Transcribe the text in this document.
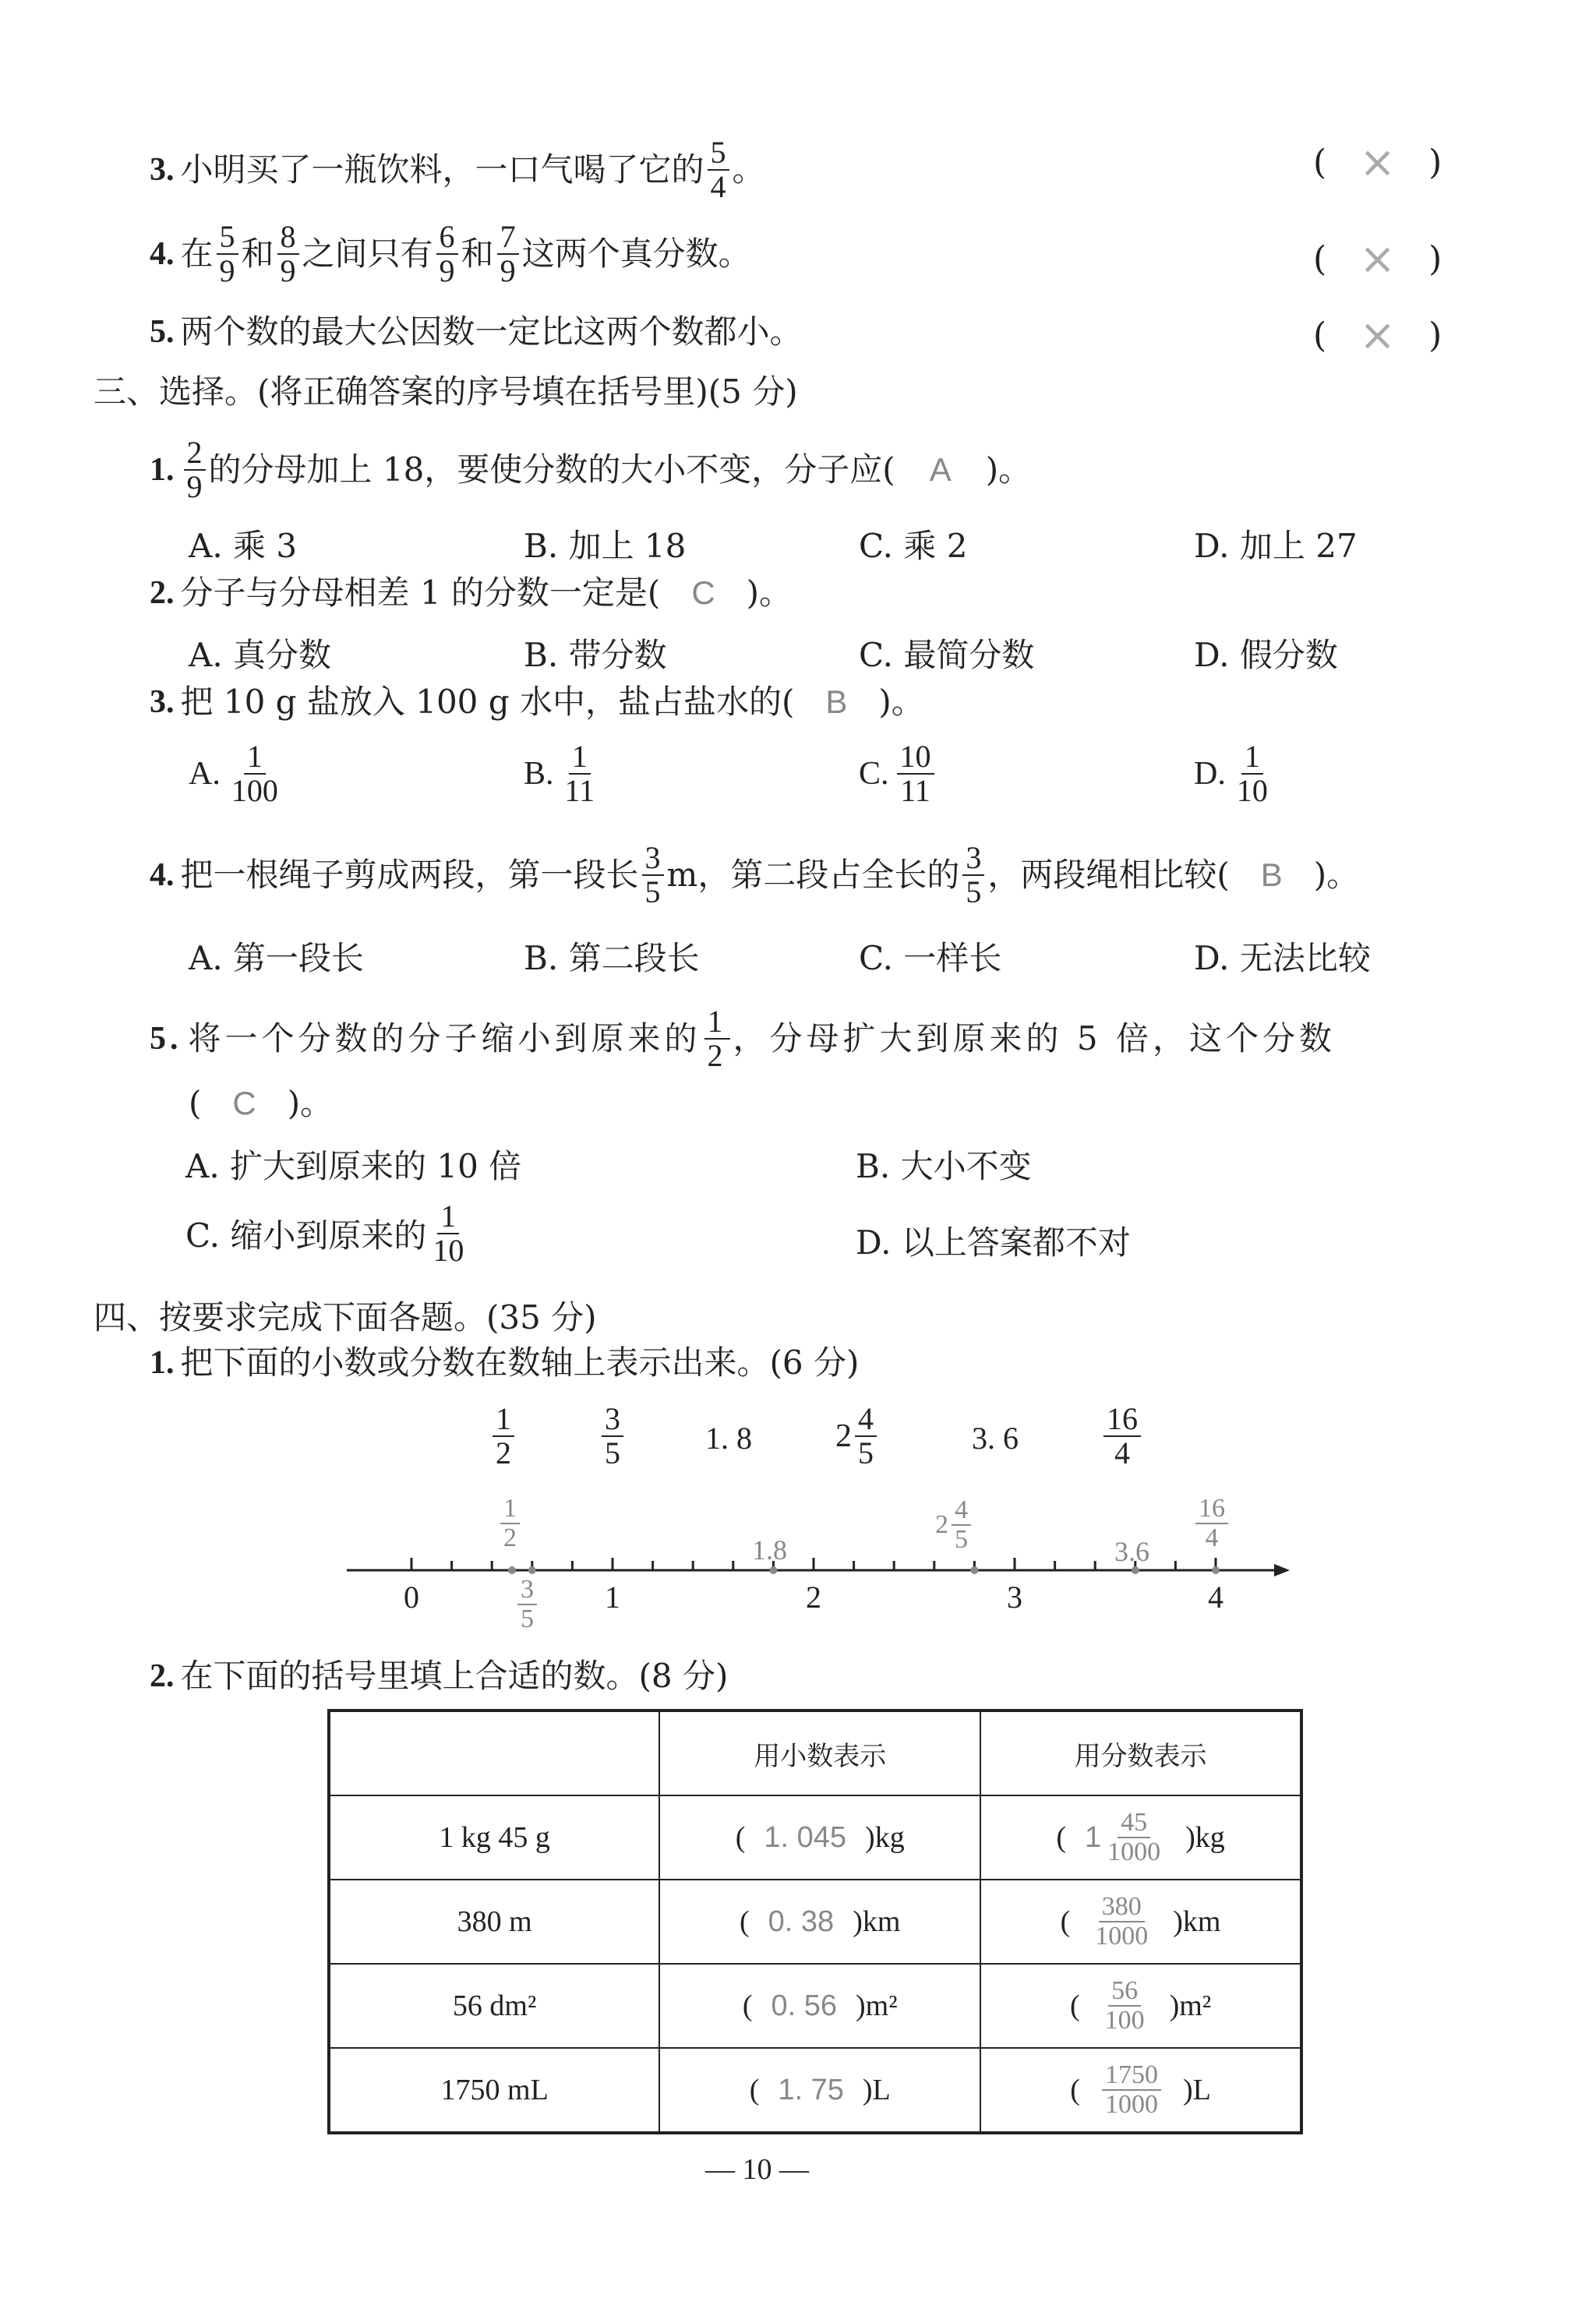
3. 小明买了一瓶饮料，一口气喝了它的 $\frac{5}{4}$ 。	( × )
4. 在 $\frac{5}{9}$ 和 $\frac{8}{9}$ 之间只有 $\frac{6}{9}$ 和 $\frac{7}{9}$ 这两个真分数。	( × )
5. 两个数的最大公因数一定比这两个数都小。	( × )
三、选择。(将正确答案的序号填在括号里)(5 分)
1. $\frac{2}{9}$ 的分母加上 18，要使分数的大小不变，分子应( A )。
A. 乘 3	B. 加上 18	C. 乘 2	D. 加上 27
2. 分子与分母相差 1 的分数一定是( C )。
A. 真分数	B. 带分数	C. 最简分数	D. 假分数
3. 把 10 g 盐放入 100 g 水中，盐占盐水的( B )。
A. $\frac{1}{100}$	B. $\frac{1}{11}$	C. $\frac{10}{11}$	D. $\frac{1}{10}$
4. 把一根绳子剪成两段，第一段长 $\frac{3}{5}$ m，第二段占全长的 $\frac{3}{5}$ ，两段绳相比较( B )。
A. 第一段长	B. 第二段长	C. 一样长	D. 无法比较
5. 将一个分数的分子缩小到原来的 $\frac{1}{2}$ ，分母扩大到原来的 5 倍，这个分数
( C )。
A. 扩大到原来的 10 倍	B. 大小不变
C. 缩小到原来的 $\frac{1}{10}$	D. 以上答案都不对
四、按要求完成下面各题。(35 分)
1. 把下面的小数或分数在数轴上表示出来。(6 分)
$\frac{1}{2}$	$\frac{3}{5}$	1. 8	$2 \frac{4}{5}$	3. 6	$\frac{16}{4}$
0	1	2	3	4
$\frac{1}{2}$
$\frac{3}{5}$
1.8
$2 \frac{4}{5}$	$3.6 \frac{16}{4}$
2. 在下面的括号里填上合适的数。(8 分)
	用小数表示	用分数表示
1 kg 45 g	( 1. 045 )kg	( $1 \frac{45}{1000} )kg$

380 m	( 0. 38 )km	( $\frac{380}{1000} )km$

56 dm²	( 0. 56 )m²	( $\frac{56}{100} )m^2$

1750 mL	( 1. 75 )L	( $\frac{1750}{1000} )L$
— 10 —
